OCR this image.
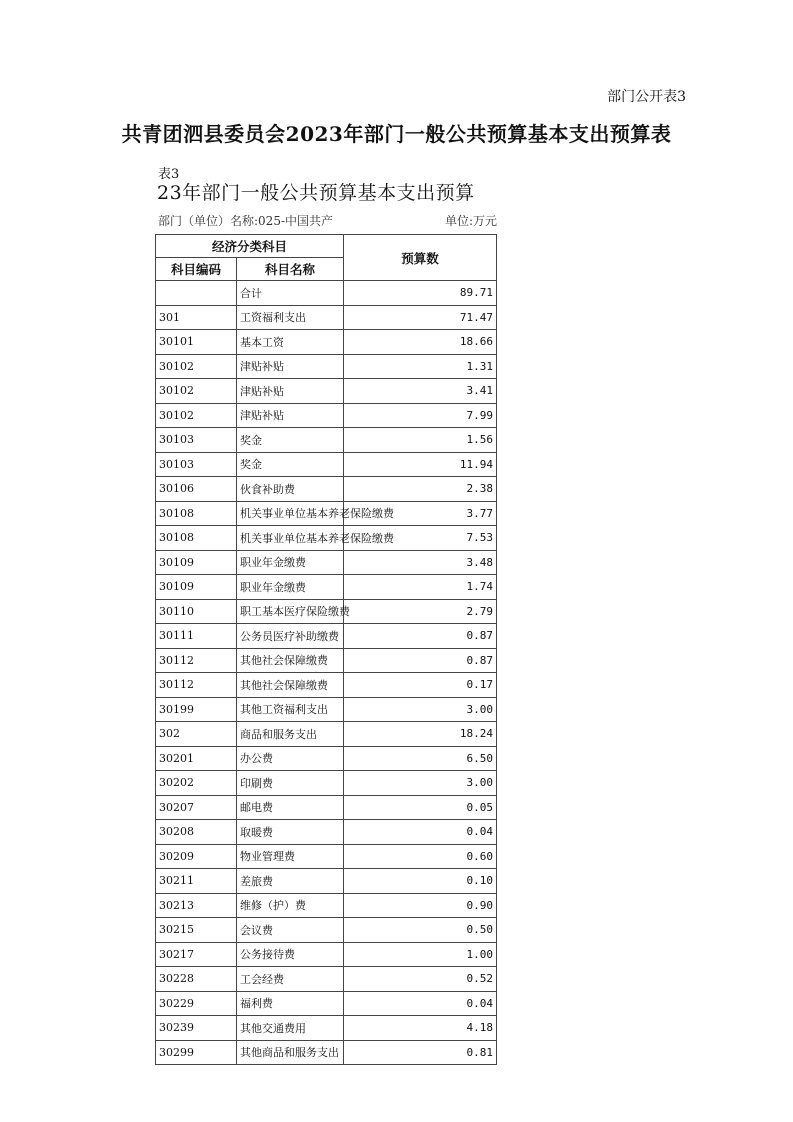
部门公开表3
共青团泗县委员会2023年部门一般公共预算基本支出预算表
表3
23年部门一般公共预算基本支出预算
部门（单位）名称:025-中国共产	单位:万元
经济分类科目		预算数
科目编码	科目名称	
	合计	89.71
301	工资福利支出	71.47
30101	基本工资	18.66
30102	津贴补贴	1.31
30102	津贴补贴	3.41
30102	津贴补贴	7.99
30103	奖金	1.56
30103	奖金	11.94
30106	伙食补助费	2.38
30108	机关事业单位基本养老保险缴费	3.77
30108	机关事业单位基本养老保险缴费	7.53
30109	职业年金缴费	3.48
30109	职业年金缴费	1.74
30110	职工基本医疗保险缴费	2.79
30111	公务员医疗补助缴费	0.87
30112	其他社会保障缴费	0.87
30112	其他社会保障缴费	0.17
30199	其他工资福利支出	3.00
302	商品和服务支出	18.24
30201	办公费	6.50
30202	印刷费	3.00
30207	邮电费	0.05
30208	取暖费	0.04
30209	物业管理费	0.60
30211	差旅费	0.10
30213	维修（护）费	0.90
30215	会议费	0.50
30217	公务接待费	1.00
30228	工会经费	0.52
30229	福利费	0.04
30239	其他交通费用	4.18
30299	其他商品和服务支出	0.81
